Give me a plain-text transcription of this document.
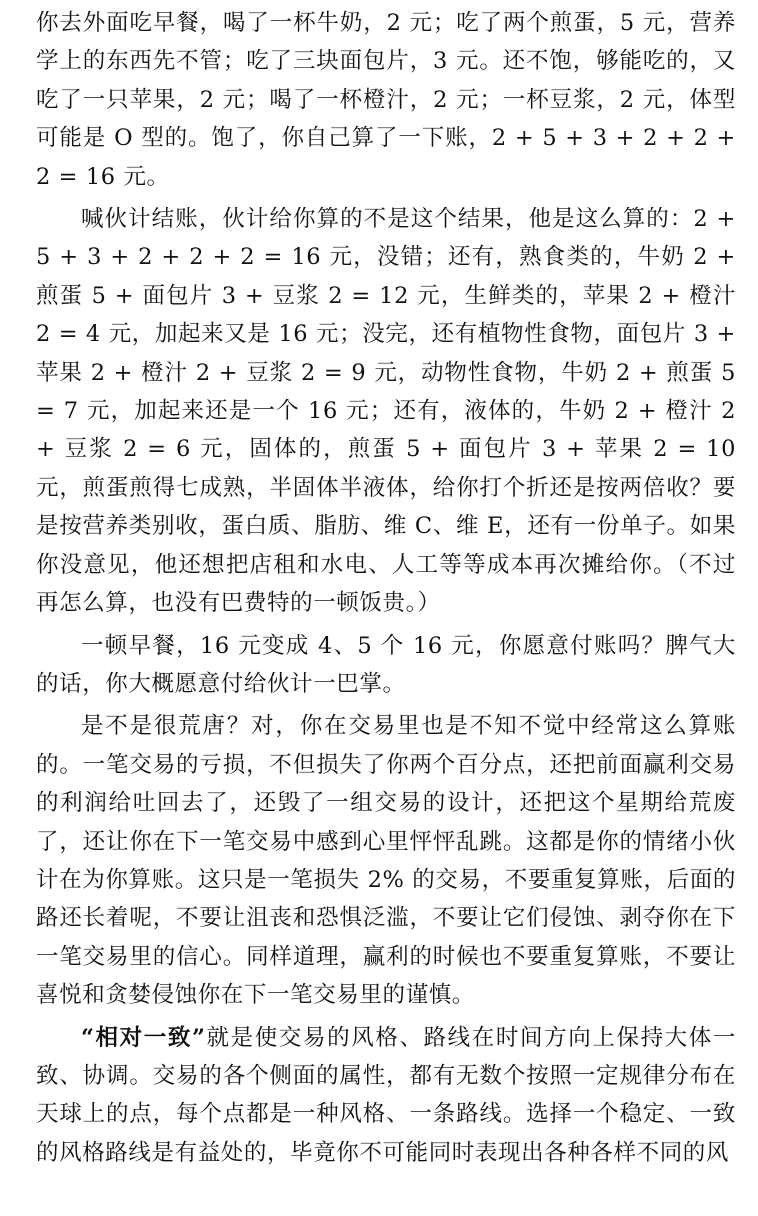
你去外面吃早餐，喝了一杯牛奶，2 元；吃了两个煎蛋，5 元，营养学上的东西先不管；吃了三块面包片，3 元。还不饱，够能吃的，又吃了一只苹果，2 元；喝了一杯橙汁，2 元；一杯豆浆，2 元，体型可能是 O 型的。饱了，你自己算了一下账，2 + 5 + 3 + 2 + 2 + 2 = 16 元。

喊伙计结账，伙计给你算的不是这个结果，他是这么算的：2 + 5 + 3 + 2 + 2 + 2 = 16 元，没错；还有，熟食类的，牛奶 2 + 煎蛋 5 + 面包片 3 + 豆浆 2 = 12 元，生鲜类的，苹果 2 + 橙汁 2 = 4 元，加起来又是 16 元；没完，还有植物性食物，面包片 3 + 苹果 2 + 橙汁 2 + 豆浆 2 = 9 元，动物性食物，牛奶 2 + 煎蛋 5 = 7 元，加起来还是一个 16 元；还有，液体的，牛奶 2 + 橙汁 2 + 豆浆 2 = 6 元，固体的，煎蛋 5 + 面包片 3 + 苹果 2 = 10 元，煎蛋煎得七成熟，半固体半液体，给你打个折还是按两倍收？要是按营养类别收，蛋白质、脂肪、维 C、维 E，还有一份单子。如果你没意见，他还想把店租和水电、人工等等成本再次摊给你。（不过再怎么算，也没有巴费特的一顿饭贵。）

一顿早餐，16 元变成 4、5 个 16 元，你愿意付账吗？脾气大的话，你大概愿意付给伙计一巴掌。

是不是很荒唐？对，你在交易里也是不知不觉中经常这么算账的。一笔交易的亏损，不但损失了你两个百分点，还把前面赢利交易的利润给吐回去了，还毁了一组交易的设计，还把这个星期给荒废了，还让你在下一笔交易中感到心里怦怦乱跳。这都是你的情绪小伙计在为你算账。这只是一笔损失 2% 的交易，不要重复算账，后面的路还长着呢，不要让沮丧和恐惧泛滥，不要让它们侵蚀、剥夺你在下一笔交易里的信心。同样道理，赢利的时候也不要重复算账，不要让喜悦和贪婪侵蚀你在下一笔交易里的谨慎。

“相对一致”就是使交易的风格、路线在时间方向上保持大体一致、协调。交易的各个侧面的属性，都有无数个按照一定规律分布在天球上的点，每个点都是一种风格、一条路线。选择一个稳定、一致的风格路线是有益处的，毕竟你不可能同时表现出各种各样不同的风
